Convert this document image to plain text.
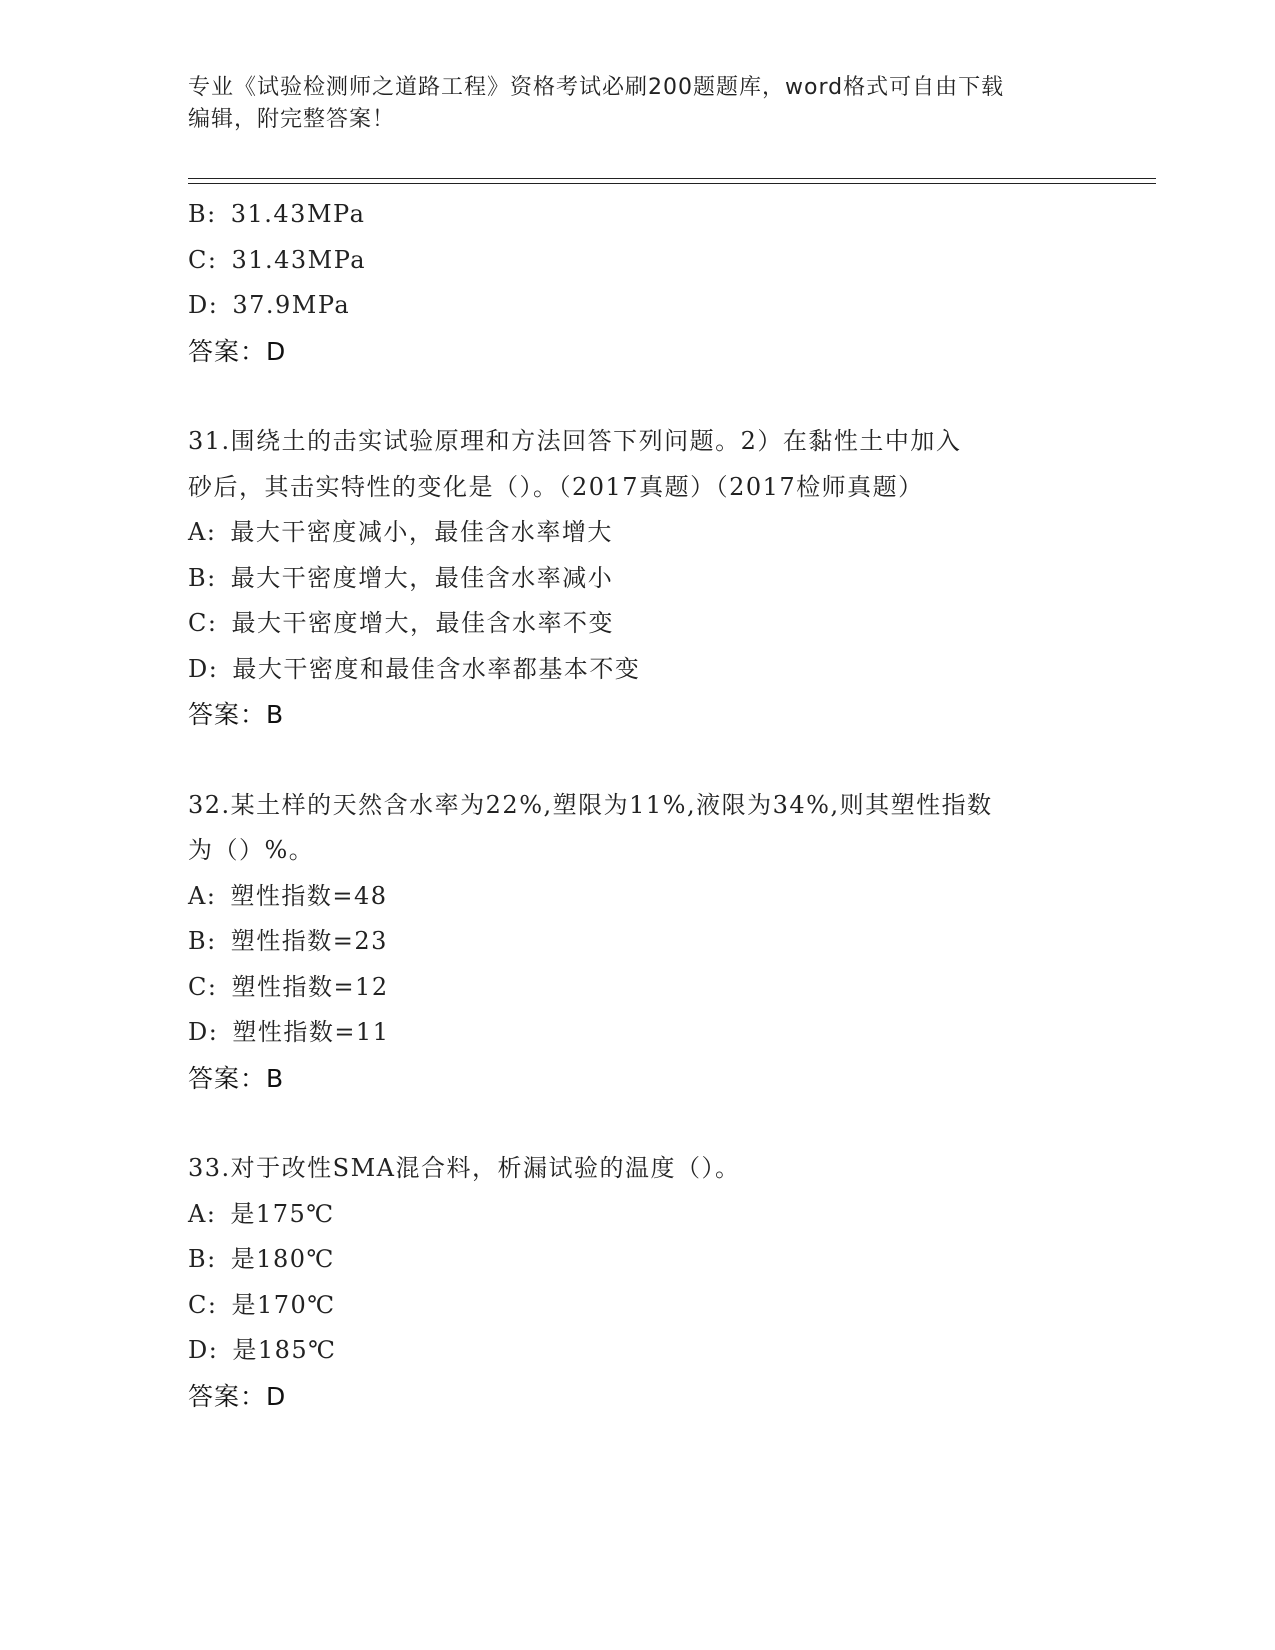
专业《试验检测师之道路工程》资格考试必刷200题题库，word格式可自由下载
编辑，附完整答案！
B: 31.43MPa
C: 31.43MPa
D: 37.9MPa
答案：D
31.围绕土的击实试验原理和方法回答下列问题。2）在黏性土中加入
砂后，其击实特性的变化是（）。（2017真题）（2017检师真题）
A: 最大干密度减小，最佳含水率增大
B: 最大干密度增大，最佳含水率减小
C: 最大干密度增大，最佳含水率不变
D: 最大干密度和最佳含水率都基本不变
答案：B
32.某土样的天然含水率为22%,塑限为11%,液限为34%,则其塑性指数
为（）%。
A: 塑性指数=48
B: 塑性指数=23
C: 塑性指数=12
D: 塑性指数=11
答案：B
33.对于改性SMA混合料，析漏试验的温度（）。
A: 是175℃
B: 是180℃
C: 是170℃
D: 是185℃
答案：D
